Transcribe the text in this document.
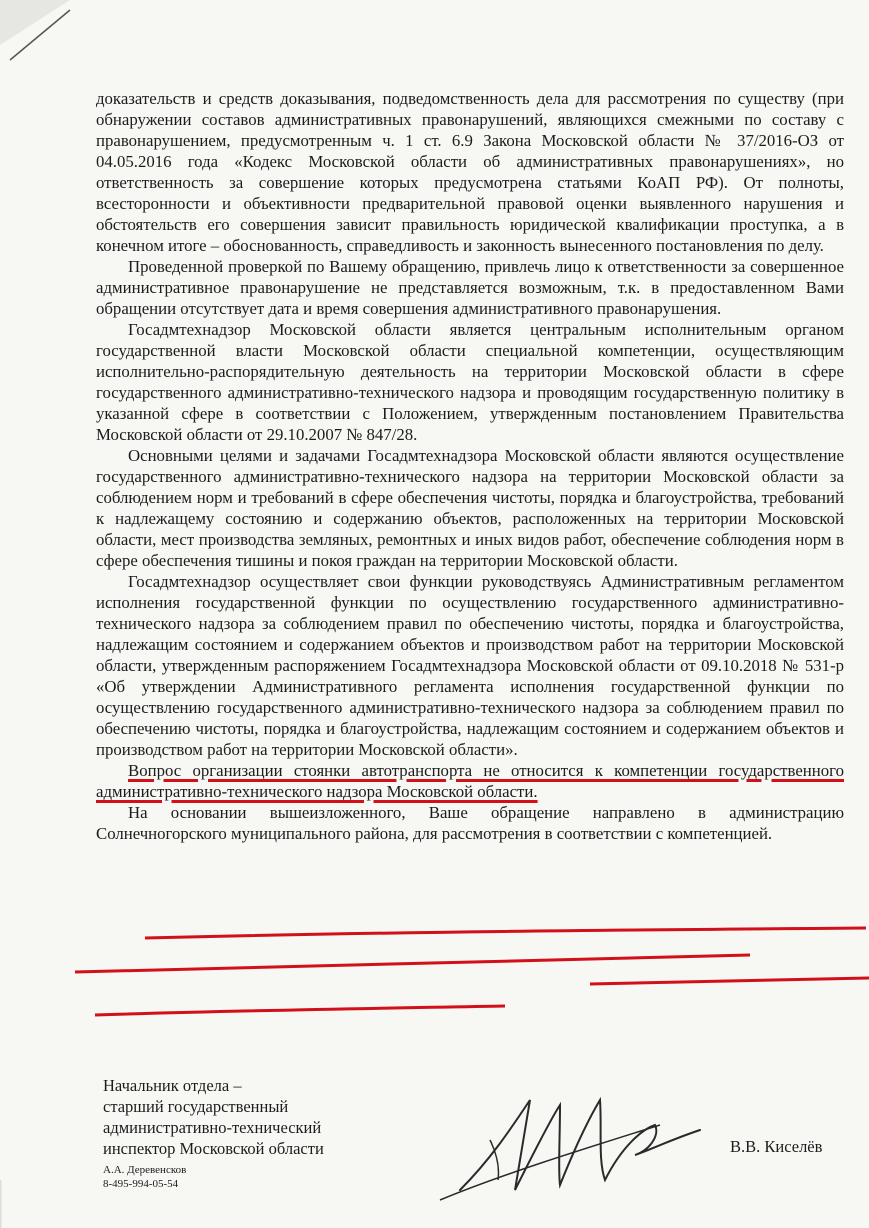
доказательств и средств доказывания, подведомственность дела для рассмотрения по существу (при обнаружении составов административных правонарушений, являющихся смежными по составу с правонарушением, предусмотренным ч. 1 ст. 6.9 Закона Московской области № 37/2016-ОЗ от 04.05.2016 года «Кодекс Московской области об административных правонарушениях», но ответственность за совершение которых предусмотрена статьями КоАП РФ). От полноты, всесторонности и объективности предварительной правовой оценки выявленного нарушения и обстоятельств его совершения зависит правильность юридической квалификации проступка, а в конечном итоге – обоснованность, справедливость и законность вынесенного постановления по делу.

Проведенной проверкой по Вашему обращению, привлечь лицо к ответственности за совершенное административное правонарушение не представляется возможным, т.к. в предоставленном Вами обращении отсутствует дата и время совершения административного правонарушения.

Госадмтехнадзор Московской области является центральным исполнительным органом государственной власти Московской области специальной компетенции, осуществляющим исполнительно-распорядительную деятельность на территории Московской области в сфере государственного административно-технического надзора и проводящим государственную политику в указанной сфере в соответствии с Положением, утвержденным постановлением Правительства Московской области от 29.10.2007 № 847/28.

Основными целями и задачами Госадмтехнадзора Московской области являются осуществление государственного административно-технического надзора на территории Московской области за соблюдением норм и требований в сфере обеспечения чистоты, порядка и благоустройства, требований к надлежащему состоянию и содержанию объектов, расположенных на территории Московской области, мест производства земляных, ремонтных и иных видов работ, обеспечение соблюдения норм в сфере обеспечения тишины и покоя граждан на территории Московской области.

Госадмтехнадзор осуществляет свои функции руководствуясь Административным регламентом исполнения государственной функции по осуществлению государственного административно-технического надзора за соблюдением правил по обеспечению чистоты, порядка и благоустройства, надлежащим состоянием и содержанием объектов и производством работ на территории Московской области, утвержденным распоряжением Госадмтехнадзора Московской области от 09.10.2018 № 531-р «Об утверждении Административного регламента исполнения государственной функции по осуществлению государственного административно-технического надзора за соблюдением правил по обеспечению чистоты, порядка и благоустройства, надлежащим состоянием и содержанием объектов и производством работ на территории Московской области».

Вопрос организации стоянки автотранспорта не относится к компетенции государственного административно-технического надзора Московской области.

На основании вышеизложенного, Ваше обращение направлено в администрацию Солнечногорского муниципального района, для рассмотрения в соответствии с компетенцией.

Начальник отдела –
старший государственный
административно-технический
инспектор Московской области
А.А. Деревенсков
8-495-994-05-54
В.В. Киселёв
